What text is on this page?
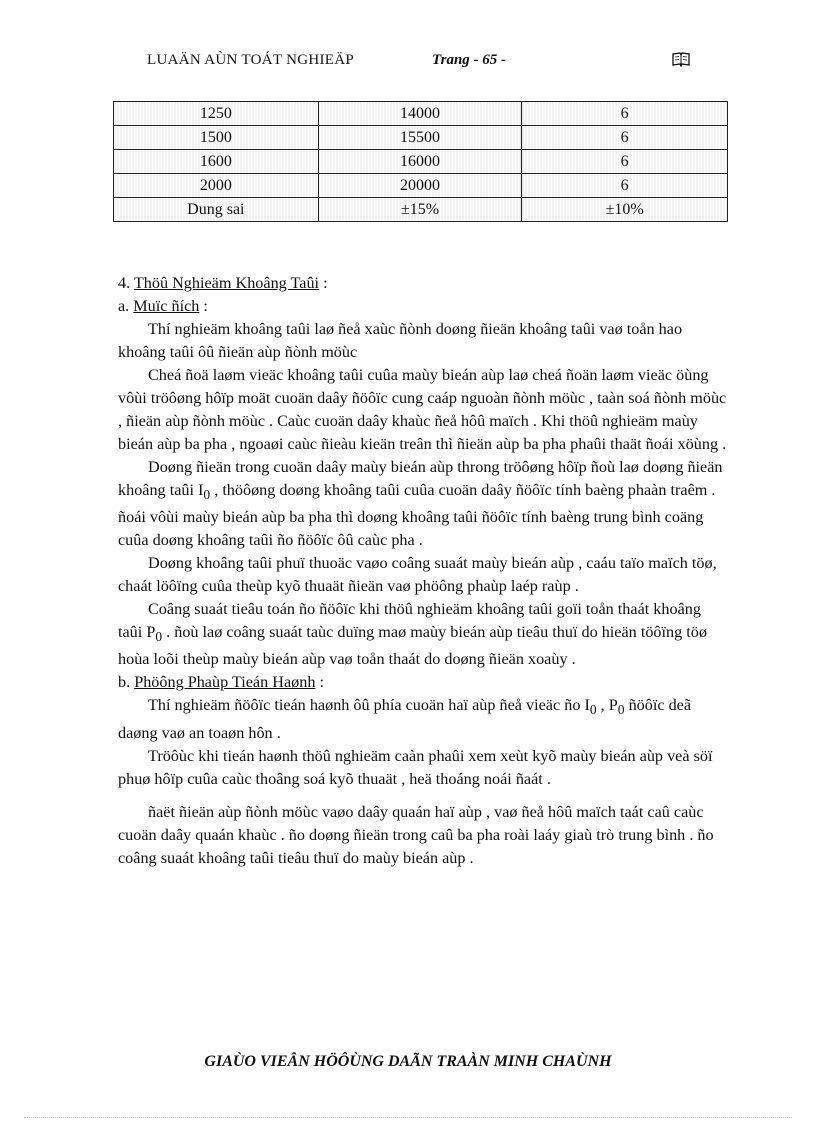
LUAÄN AÙN TOÁT NGHIEÄP	Trang - 65 -
1250	14000	6
1500	15500	6
1600	16000	6
2000	20000	6
Dung sai	±15%	±10%

4. Thöû Nghieäm Khoâng Taûi :

a. Muïc ñích :

Thí nghieäm khoâng taûi laø ñeå xaùc ñònh doøng ñieän khoâng taûi vaø toån hao khoâng taûi ôû ñieän aùp ñònh möùc

Cheá ñoä laøm vieäc khoâng taûi cuûa maùy bieán aùp laø cheá ñoän laøm vieäc öùng vôùi tröôøng hôïp moät cuoän daây ñöôïc cung caáp nguoàn ñònh möùc , taàn soá ñònh möùc , ñieän aùp ñònh möùc . Caùc cuoän daây khaùc ñeå hôû maïch . Khi thöû nghieäm maùy bieán aùp ba pha , ngoaøi caùc ñieàu kieän treân thì ñieän aùp ba pha phaûi thaät ñoái xöùng .

Doøng ñieän trong cuoän daây maùy bieán aùp throng tröôøng hôïp ñoù laø doøng ñieän khoâng taûi $I_0$ , thöôøng doøng khoâng taûi cuûa cuoän daây ñöôïc tính baèng phaàn traêm . ñoái vôùi maùy bieán aùp ba pha thì doøng khoâng taûi ñöôïc tính baèng trung bình coäng cuûa doøng khoâng taûi ño ñöôïc ôû caùc pha .

Doøng khoâng taûi phuï thuoäc vaøo coâng suaát maùy bieán aùp , caáu taïo maïch töø, chaát löôïng cuûa theùp kyõ thuaät ñieän vaø phöông phaùp laép raùp .

Coâng suaát tieâu toán ño ñöôïc khi thöû nghieäm khoâng taûi goïi toån thaát khoâng taûi $P_0$ . ñoù laø coâng suaát taùc duïng maø maùy bieán aùp tieâu thuï do hieän töôïng töø hoùa loõi theùp maùy bieán aùp vaø toån thaát do doøng ñieän xoaùy .

b. Phöông Phaùp Tieán Haønh :

Thí nghieäm ñöôïc tieán haønh ôû phía cuoän haï aùp ñeå vieäc ño $I_0$ , $P_0$ ñöôïc deã daøng vaø an toaøn hôn .

Tröôùc khi tieán haønh thöû nghieäm caàn phaûi xem xeùt kyõ maùy bieán aùp veà söï phuø hôïp cuûa caùc thoâng soá kyõ thuaät , heä thoáng noái ñaát .

ñaët ñieän aùp ñònh möùc vaøo daây quaán haï aùp , vaø ñeå hôû maïch taát caû caùc cuoän daây quaán khaùc . ño doøng ñieän trong caû ba pha roài laáy giaù trò trung bình . ño coâng suaát khoâng taûi tieâu thuï do maùy bieán aùp .

GIAÙO VIEÂN HÖÔÙNG DAÃN TRAÀN MINH CHAÙNH
